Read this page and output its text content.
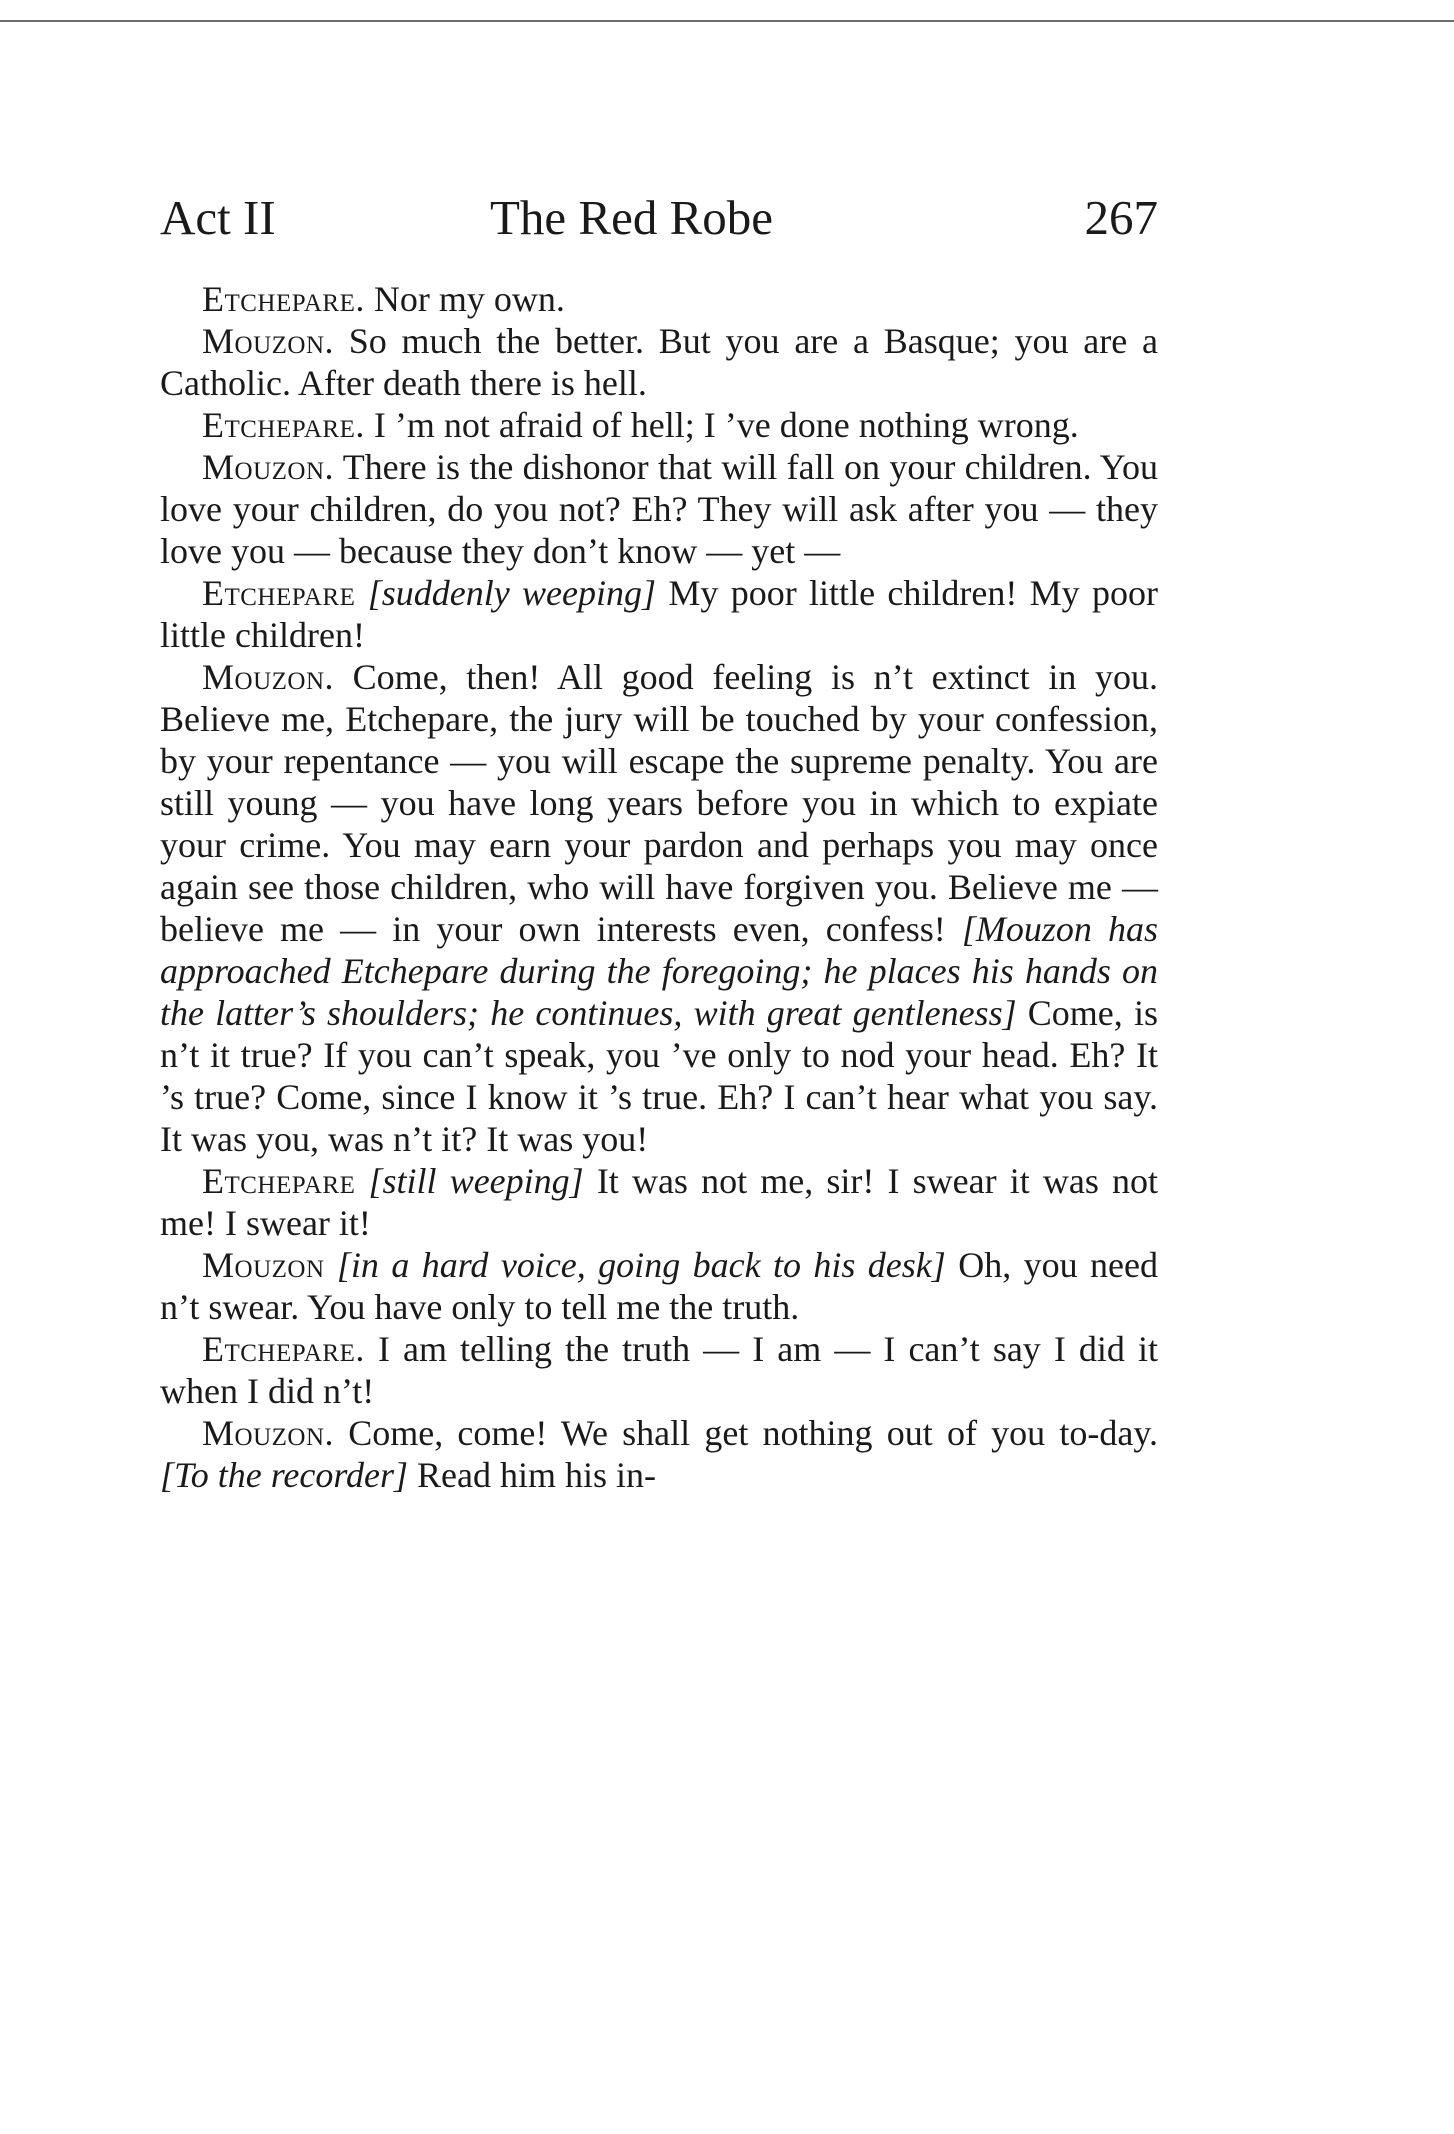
Act II	The Red Robe	267

Etchepare. Nor my own.

Mouzon. So much the better. But you are a Basque; you are a Catholic. After death there is hell.

Etchepare. I ’m not afraid of hell; I ’ve done nothing wrong.

Mouzon. There is the dishonor that will fall on your children. You love your children, do you not? Eh? They will ask after you — they love you — because they don’t know — yet —

Etchepare [suddenly weeping] My poor little children! My poor little children!

Mouzon. Come, then! All good feeling is n’t extinct in you. Believe me, Etchepare, the jury will be touched by your confession, by your repentance — you will escape the supreme penalty. You are still young — you have long years before you in which to expiate your crime. You may earn your pardon and perhaps you may once again see those children, who will have forgiven you. Believe me — believe me — in your own interests even, confess! [Mouzon has approached Etchepare during the foregoing; he places his hands on the latter’s shoulders; he continues, with great gentleness] Come, is n’t it true? If you can’t speak, you ’ve only to nod your head. Eh? It ’s true? Come, since I know it ’s true. Eh? I can’t hear what you say. It was you, was n’t it? It was you!

Etchepare [still weeping] It was not me, sir! I swear it was not me! I swear it!

Mouzon [in a hard voice, going back to his desk] Oh, you need n’t swear. You have only to tell me the truth.

Etchepare. I am telling the truth — I am — I can’t say I did it when I did n’t!

Mouzon. Come, come! We shall get nothing out of you to-day. [To the recorder] Read him his in-
